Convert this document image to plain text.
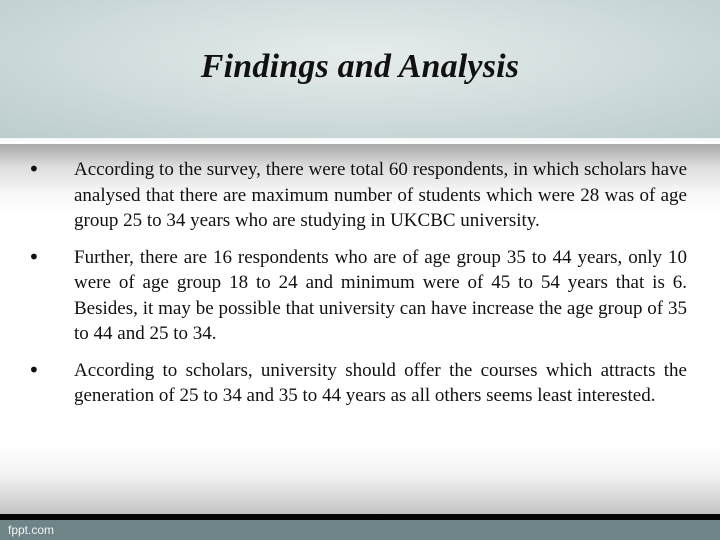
Findings and Analysis
• According to the survey, there were total 60 respondents, in which scholars have analysed that there are maximum number of students which were 28 was of age group 25 to 34 years who are studying in UKCBC university.
• Further, there are 16 respondents who are of age group 35 to 44 years, only 10 were of age group 18 to 24 and minimum were of 45 to 54 years that is 6. Besides, it may be possible that university can have increase the age group of 35 to 44 and 25 to 34.
• According to scholars, university should offer the courses which attracts the generation of 25 to 34 and 35 to 44 years as all others seems least interested.
fppt.com
